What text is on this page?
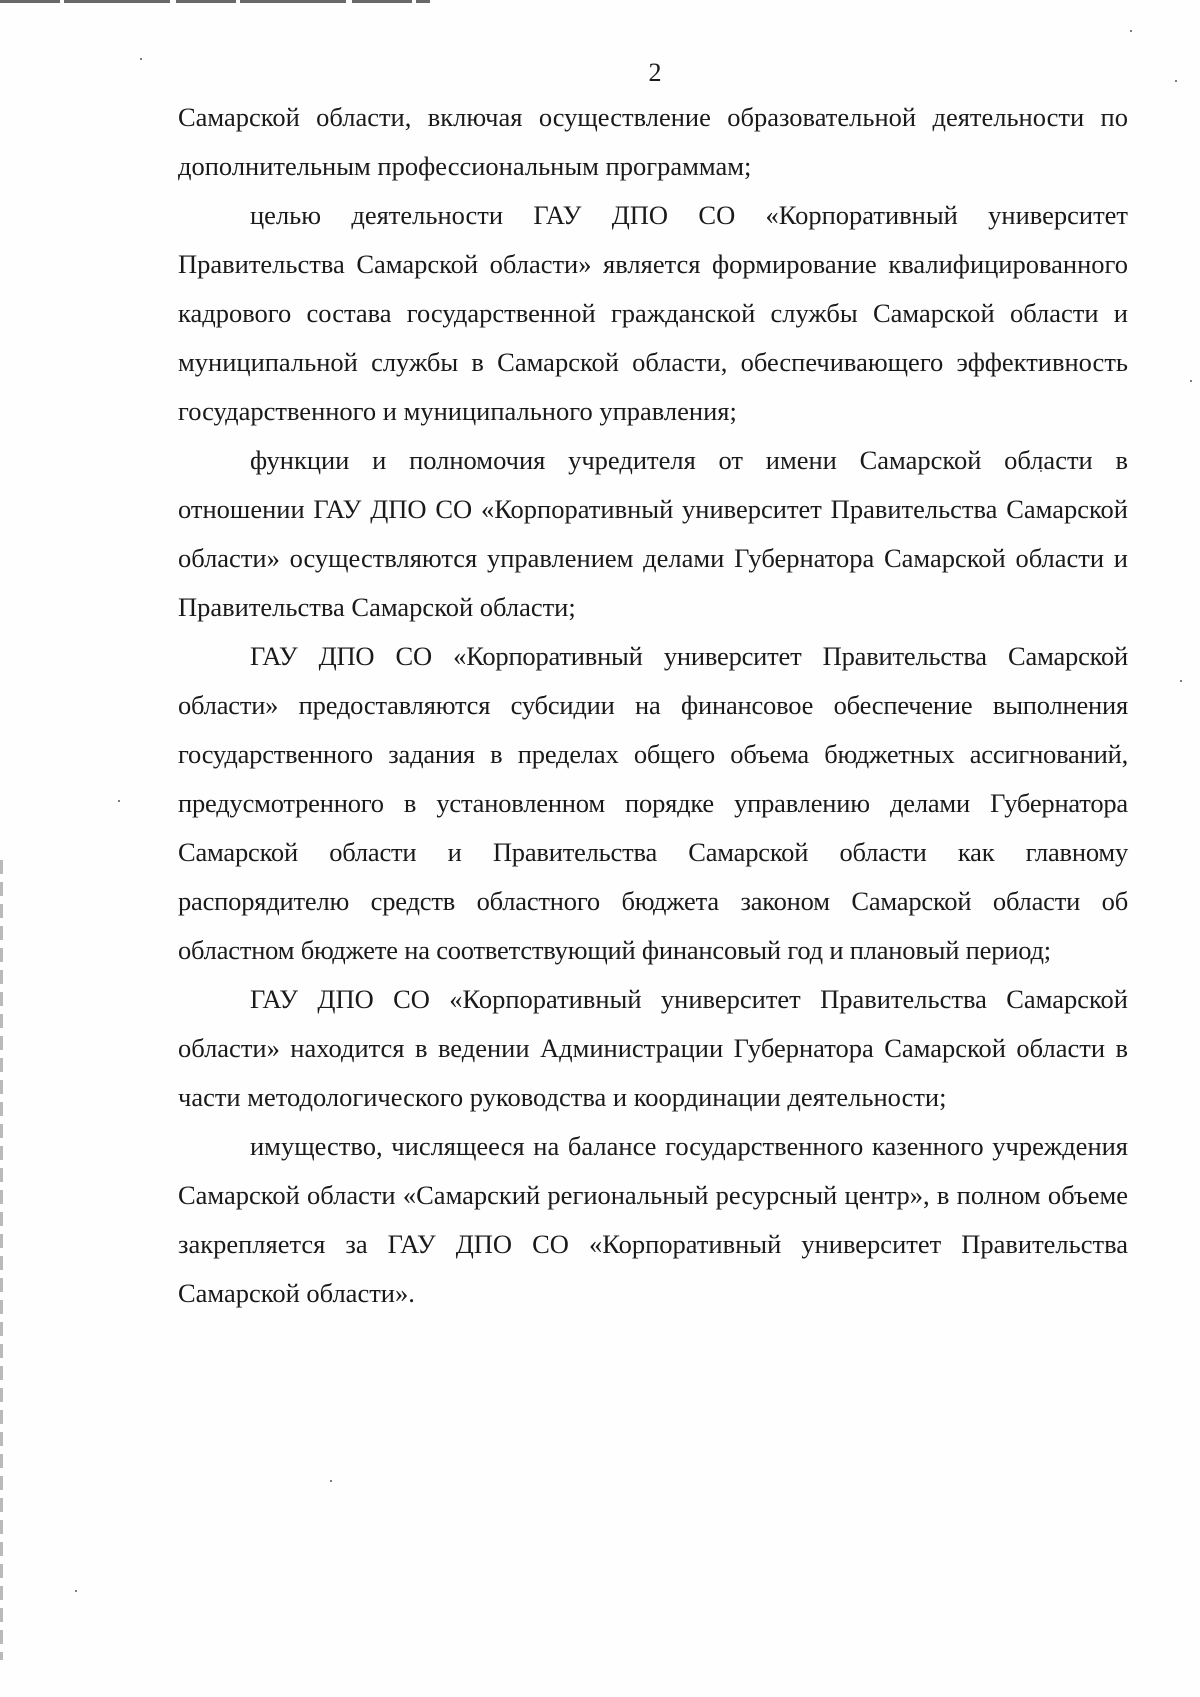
2

Самарской области, включая осуществление образовательной деятельности по дополнительным профессиональным программам;

целью деятельности ГАУ ДПО СО «Корпоративный университет Правительства Самарской области» является формирование квалифицированного кадрового состава государственной гражданской службы Самарской области и муниципальной службы в Самарской области, обеспечивающего эффективность государственного и муниципального управления;

функции и полномочия учредителя от имени Самарской области в отношении ГАУ ДПО СО «Корпоративный университет Правительства Самарской области» осуществляются управлением делами Губернатора Самарской области и Правительства Самарской области;

ГАУ ДПО СО «Корпоративный университет Правительства Самарской области» предоставляются субсидии на финансовое обеспечение выполнения государственного задания в пределах общего объема бюджетных ассигнований, предусмотренного в установленном порядке управлению делами Губернатора Самарской области и Правительства Самарской области как главному распорядителю средств областного бюджета законом Самарской области об областном бюджете на соответствующий финансовый год и плановый период;

ГАУ ДПО СО «Корпоративный университет Правительства Самарской области» находится в ведении Администрации Губернатора Самарской области в части методологического руководства и координации деятельности;

имущество, числящееся на балансе государственного казенного учреждения Самарской области «Самарский региональный ресурсный центр», в полном объеме закрепляется за ГАУ ДПО СО «Корпоративный университет Правительства Самарской области».
